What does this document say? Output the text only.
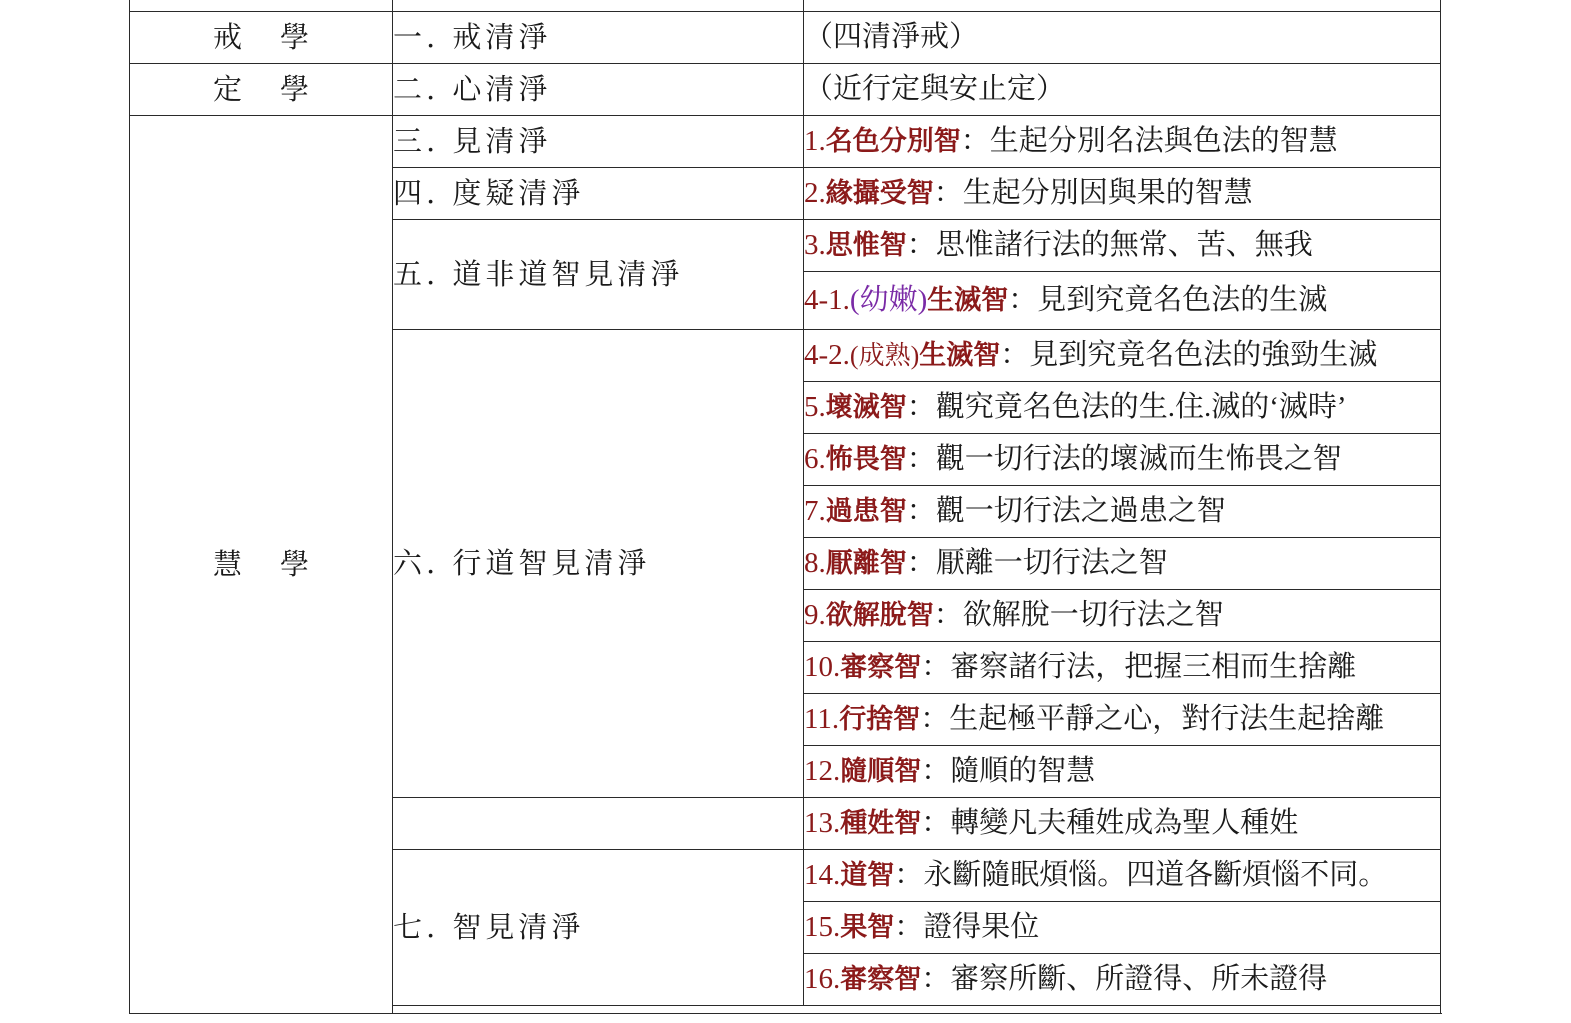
戒學	一. 戒清淨	（四清淨戒）
定學	二. 心清淨	（近行定與安止定）
慧學	三. 見清淨	1.名色分別智：生起分別名法與色法的智慧
	四. 度疑清淨	2.緣攝受智：生起分別因與果的智慧
	五. 道非道智見清淨	3.思惟智：思惟諸行法的無常、苦、無我
		4-1.(幼嫩)生滅智：見到究竟名色法的生滅
	六. 行道智見清淨	4-2.(成熟)生滅智：見到究竟名色法的強勁生滅
		5.壞滅智：觀究竟名色法的生.住.滅的‘滅時’
		6.怖畏智：觀一切行法的壞滅而生怖畏之智
		7.過患智：觀一切行法之過患之智
		8.厭離智：厭離一切行法之智
		9.欲解脫智：欲解脫一切行法之智
		10.審察智：審察諸行法，把握三相而生捨離
		11.行捨智：生起極平靜之心，對行法生起捨離
		12.隨順智：隨順的智慧
		13.種姓智：轉變凡夫種姓成為聖人種姓
	七. 智見清淨	14.道智：永斷隨眠煩惱。四道各斷煩惱不同。
		15.果智：證得果位
		16.審察智：審察所斷、所證得、所未證得
